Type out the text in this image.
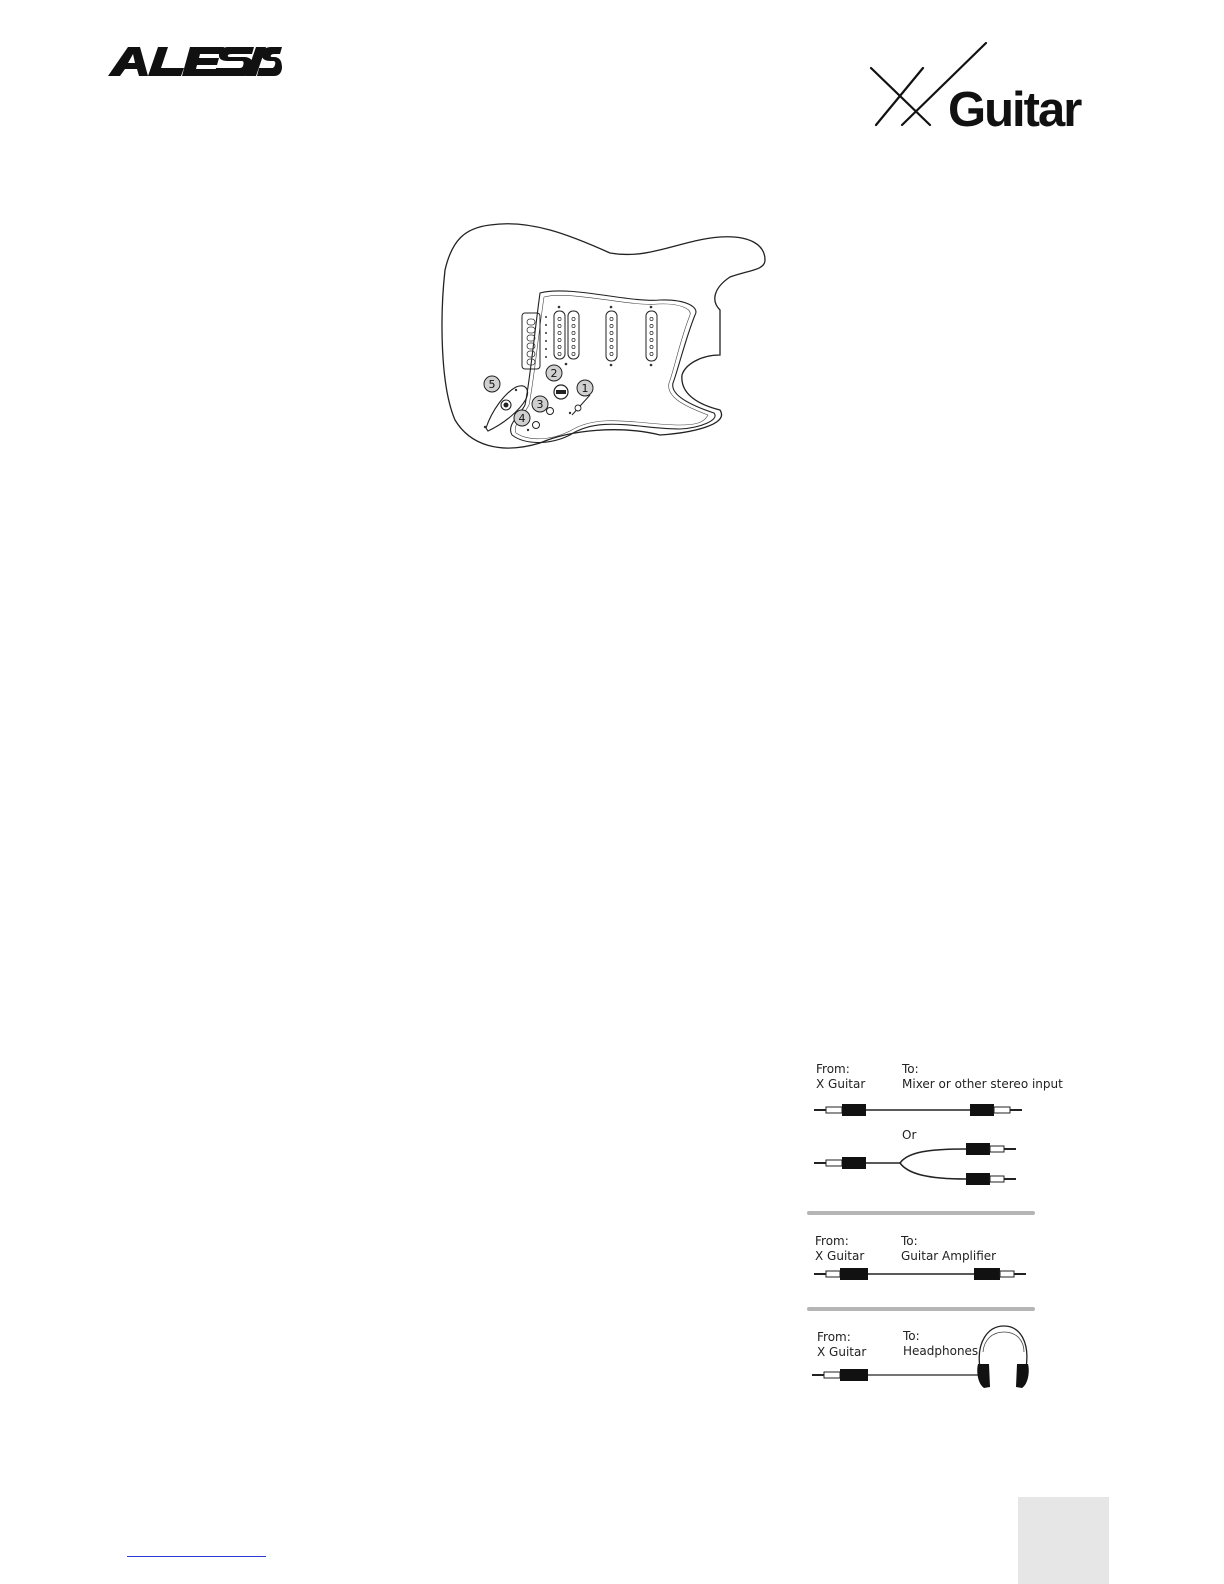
Guitar
1
2
3
4
5
From:
X Guitar
To:
Mixer or other stereo input
Or
From:
X Guitar
To:
Guitar Amplifier
From:
X Guitar
To:
Headphones
